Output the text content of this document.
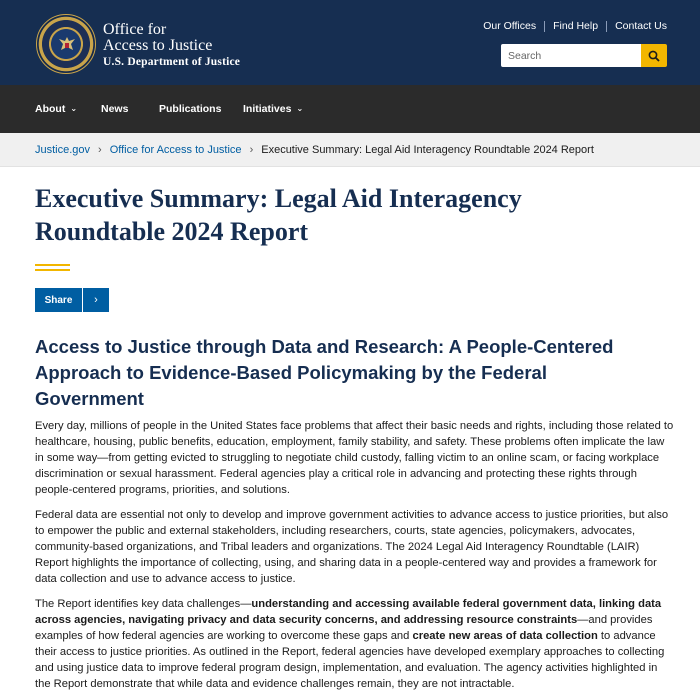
Office for
Access to Justice
U.S. Department of Justice
Our Offices Find Help Contact Us
Search
About ⌄ News	Publications Initiatives ⌄
Justice.gov › Office for Access to Justice › Executive Summary: Legal Aid Interagency Roundtable 2024 Report
Executive Summary: Legal Aid Interagency Roundtable 2024 Report
Share	›
Access to Justice through Data and Research: A People-Centered Approach to Evidence-Based Policymaking by the Federal Government

Every day, millions of people in the United States face problems that affect their basic needs and rights, including those related to healthcare, housing, public benefits, education, employment, family stability, and safety. These problems often implicate the law in some way—from getting evicted to struggling to negotiate child custody, falling victim to an online scam, or facing workplace discrimination or sexual harassment. Federal agencies play a critical role in advancing and protecting these rights through people-centered programs, priorities, and solutions.

Federal data are essential not only to develop and improve government activities to advance access to justice priorities, but also to empower the public and external stakeholders, including researchers, courts, state agencies, policymakers, advocates, community-based organizations, and Tribal leaders and organizations. The 2024 Legal Aid Interagency Roundtable (LAIR) Report highlights the importance of collecting, using, and sharing data in a people-centered way and provides a framework for data collection and use to advance access to justice.

The Report identifies key data challenges—understanding and accessing available federal government data, linking data across agencies, navigating privacy and data security concerns, and addressing resource constraints—and provides examples of how federal agencies are working to overcome these gaps and create new areas of data collection to advance their access to justice priorities. As outlined in the Report, federal agencies have developed exemplary approaches to collecting and using justice data to improve federal program design, implementation, and evaluation. The agency activities highlighted in the Report demonstrate that while data and evidence challenges remain, they are not intractable.
